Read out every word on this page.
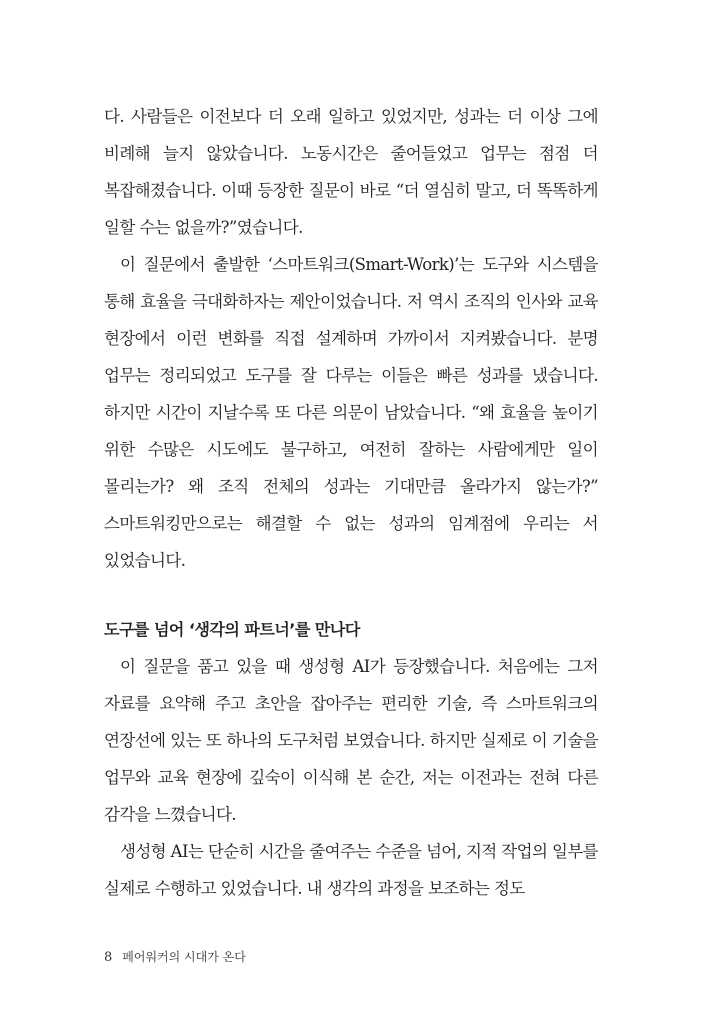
다. 사람들은 이전보다 더 오래 일하고 있었지만, 성과는 더 이상 그에 비례해 늘지 않았습니다. 노동시간은 줄어들었고 업무는 점점 더 복잡해졌습니다. 이때 등장한 질문이 바로 “더 열심히 말고, 더 똑똑하게 일할 수는 없을까?”였습니다.

이 질문에서 출발한 ‘스마트워크(Smart-Work)’는 도구와 시스템을 통해 효율을 극대화하자는 제안이었습니다. 저 역시 조직의 인사와 교육 현장에서 이런 변화를 직접 설계하며 가까이서 지켜봤습니다. 분명 업무는 정리되었고 도구를 잘 다루는 이들은 빠른 성과를 냈습니다. 하지만 시간이 지날수록 또 다른 의문이 남았습니다. “왜 효율을 높이기 위한 수많은 시도에도 불구하고, 여전히 잘하는 사람에게만 일이 몰리는가? 왜 조직 전체의 성과는 기대만큼 올라가지 않는가?” 스마트워킹만으로는 해결할 수 없는 성과의 임계점에 우리는 서 있었습니다.

도구를 넘어 ‘생각의 파트너’를 만나다

이 질문을 품고 있을 때 생성형 AI가 등장했습니다. 처음에는 그저 자료를 요약해 주고 초안을 잡아주는 편리한 기술, 즉 스마트워크의 연장선에 있는 또 하나의 도구처럼 보였습니다. 하지만 실제로 이 기술을 업무와 교육 현장에 깊숙이 이식해 본 순간, 저는 이전과는 전혀 다른 감각을 느꼈습니다.

생성형 AI는 단순히 시간을 줄여주는 수준을 넘어, 지적 작업의 일부를 실제로 수행하고 있었습니다. 내 생각의 과정을 보조하는 정도

8 페어워커의 시대가 온다
